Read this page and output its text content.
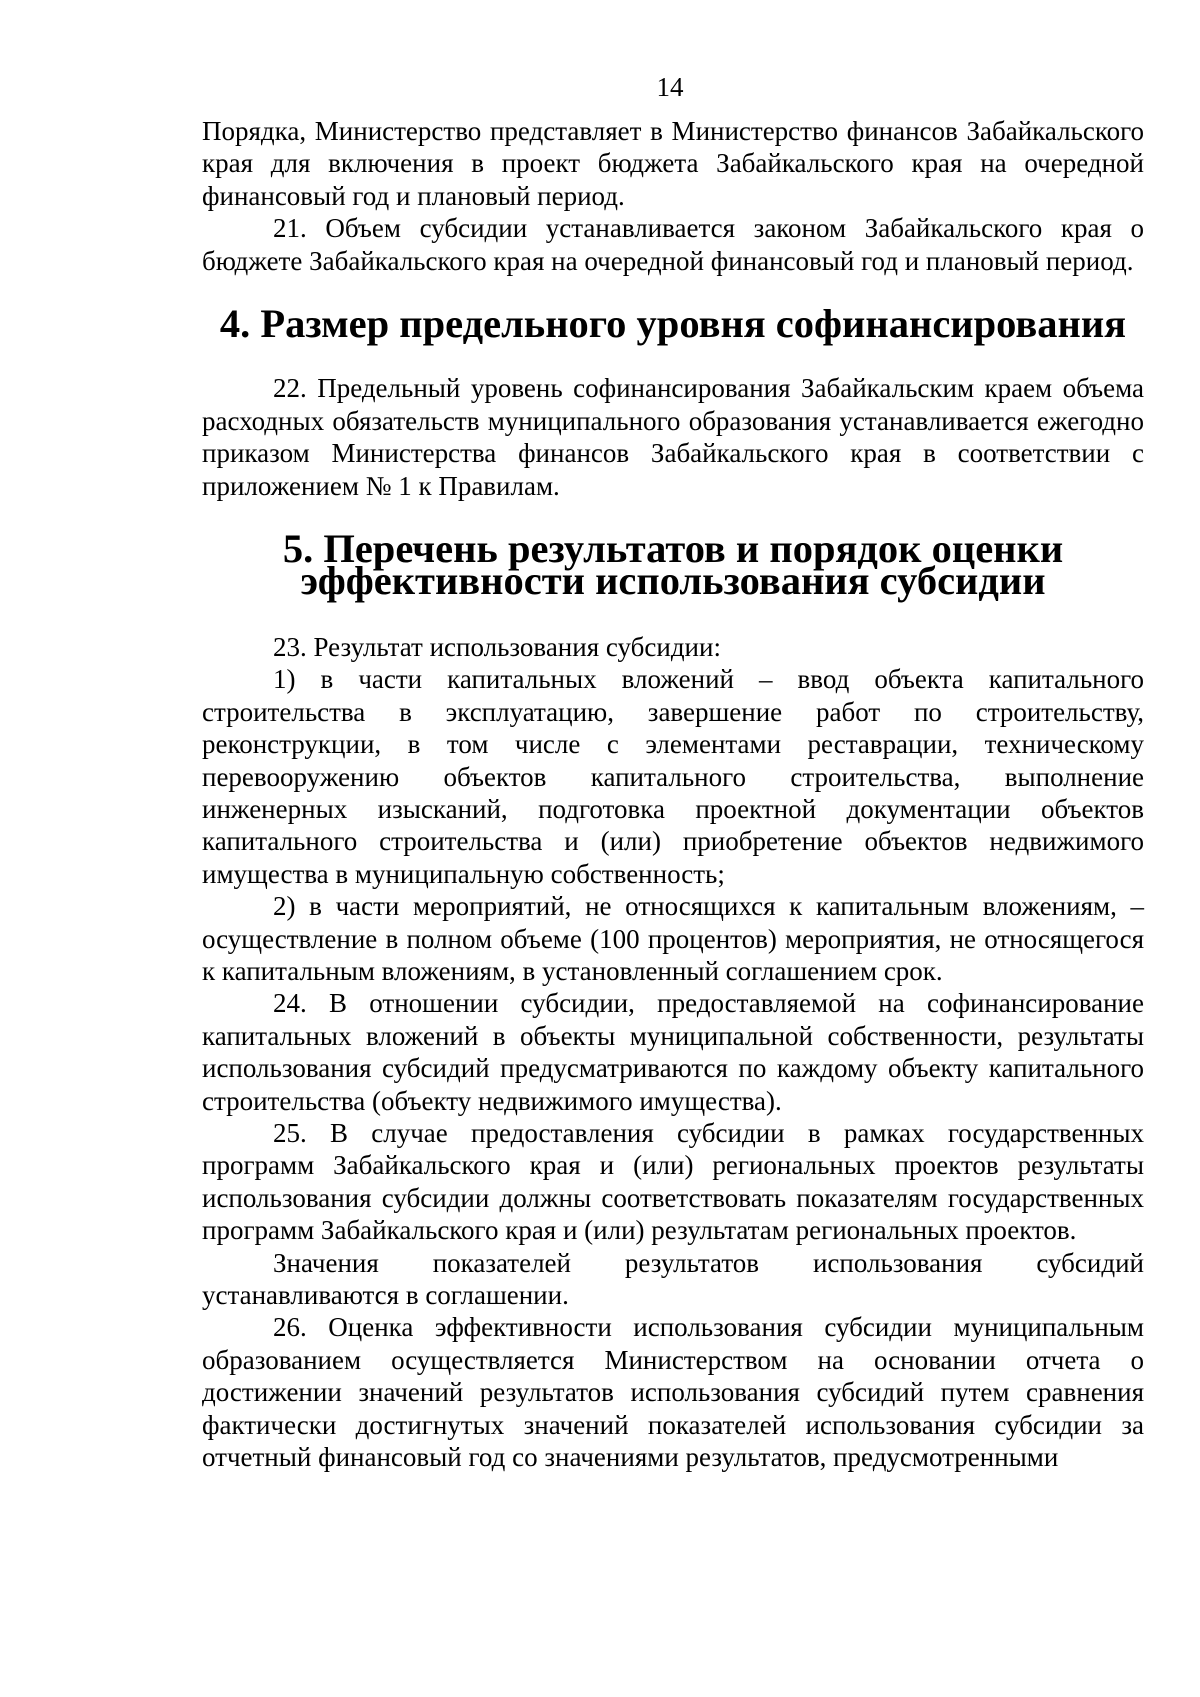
14

Порядка, Министерство представляет в Министерство финансов Забайкальского края для включения в проект бюджета Забайкальского края на очередной финансовый год и плановый период.

21. Объем субсидии устанавливается законом Забайкальского края о бюджете Забайкальского края на очередной финансовый год и плановый период.

4. Размер предельного уровня софинансирования

22. Предельный уровень софинансирования Забайкальским краем объема расходных обязательств муниципального образования устанавливается ежегодно приказом Министерства финансов Забайкальского края в соответствии с приложением № 1 к Правилам.

5. Перечень результатов и порядок оценки
эффективности использования субсидии

23. Результат использования субсидии:

1) в части капитальных вложений – ввод объекта капитального строительства в эксплуатацию, завершение работ по строительству, реконструкции, в том числе с элементами реставрации, техническому перевооружению объектов капитального строительства, выполнение инженерных изысканий, подготовка проектной документации объектов капитального строительства и (или) приобретение объектов недвижимого имущества в муниципальную собственность;

2) в части мероприятий, не относящихся к капитальным вложениям, – осуществление в полном объеме (100 процентов) мероприятия, не относящегося к капитальным вложениям, в установленный соглашением срок.

24. В отношении субсидии, предоставляемой на софинансирование капитальных вложений в объекты муниципальной собственности, результаты использования субсидий предусматриваются по каждому объекту капитального строительства (объекту недвижимого имущества).

25. В случае предоставления субсидии в рамках государственных программ Забайкальского края и (или) региональных проектов результаты использования субсидии должны соответствовать показателям государственных программ Забайкальского края и (или) результатам региональных проектов.

Значения показателей результатов использования субсидий устанавливаются в соглашении.

26. Оценка эффективности использования субсидии муниципальным образованием осуществляется Министерством на основании отчета о достижении значений результатов использования субсидий путем сравнения фактически достигнутых значений показателей использования субсидии за отчетный финансовый год со значениями результатов, предусмотренными
